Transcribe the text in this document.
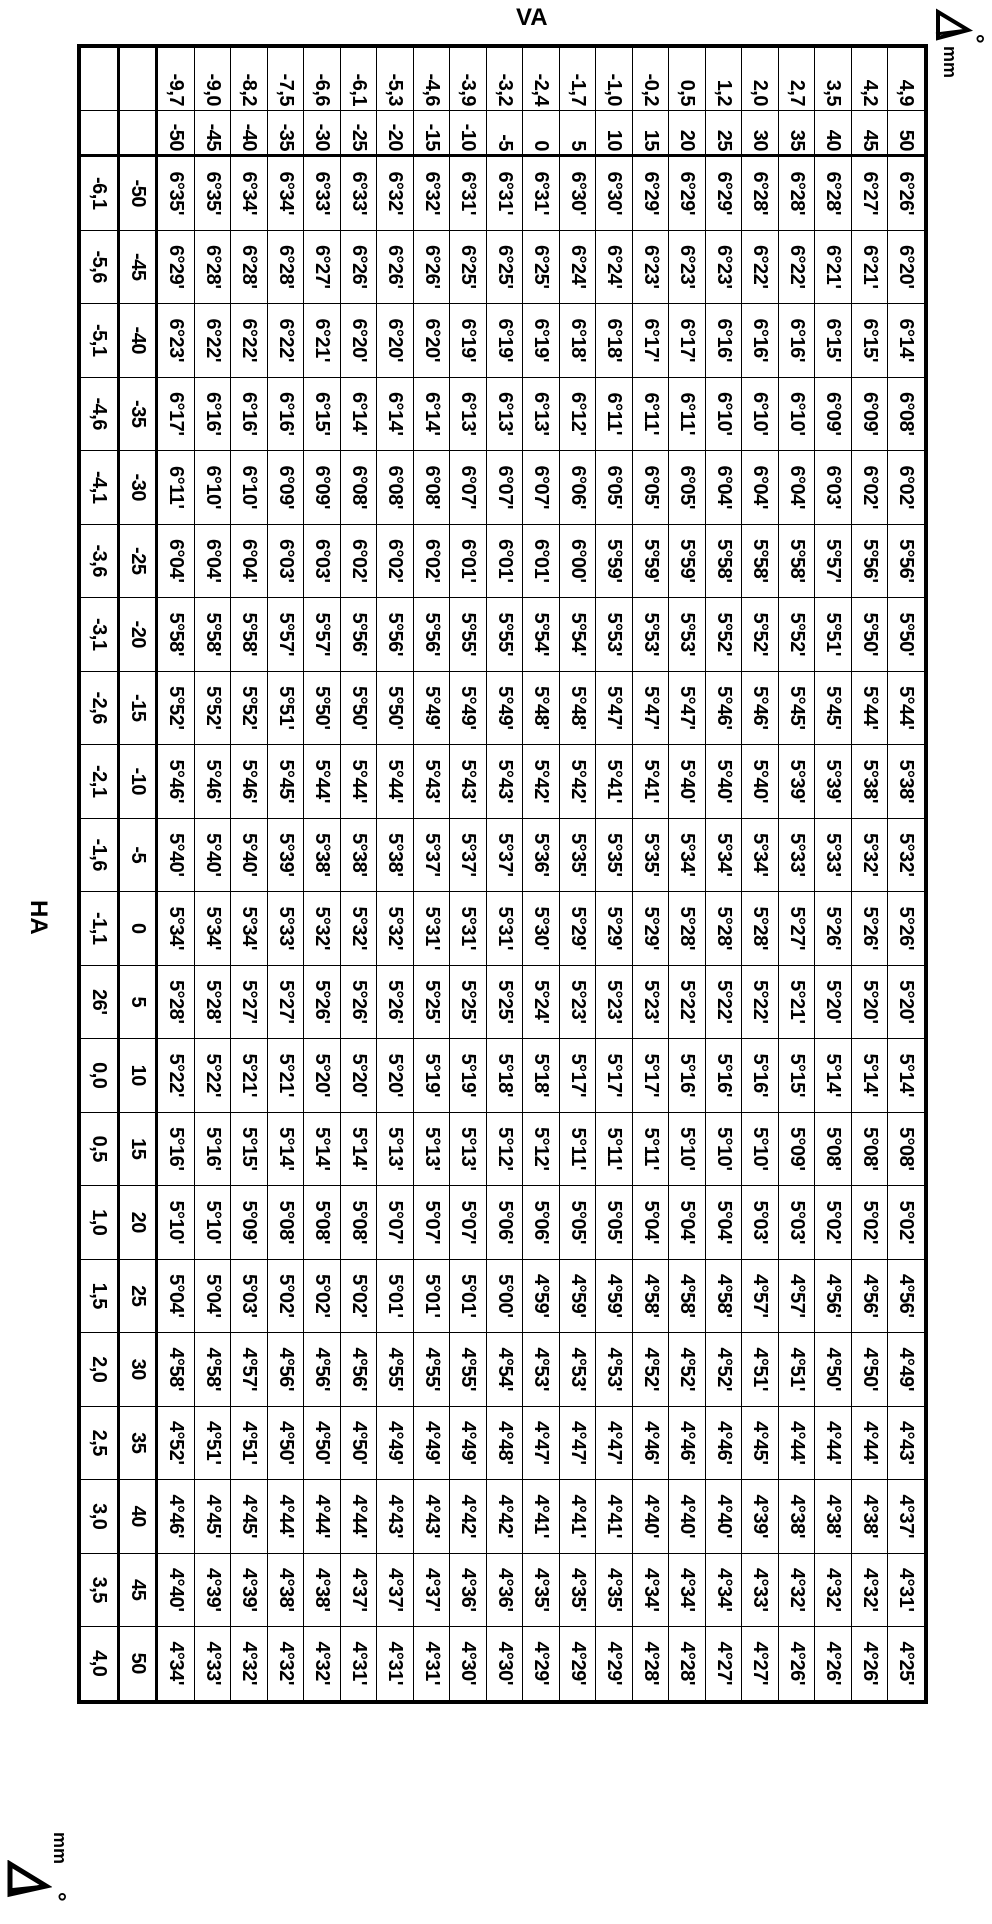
°
mm
VA
4,9	50	6°26'	6°20'	6°14'	6°08'	6°02'	5°56'	5°50'	5°44'	5°38'	5°32'	5°26'	5°20'	5°14'	5°08'	5°02'	4°56'	4°49'	4°43'	4°37'	4°31'	4°25'
4,2	45	6°27'	6°21'	6°15'	6°09'	6°02'	5°56'	5°50'	5°44'	5°38'	5°32'	5°26'	5°20'	5°14'	5°08'	5°02'	4°56'	4°50'	4°44'	4°38'	4°32'	4°26'
3,5	40	6°28'	6°21'	6°15'	6°09'	6°03'	5°57'	5°51'	5°45'	5°39'	5°33'	5°26'	5°20'	5°14'	5°08'	5°02'	4°56'	4°50'	4°44'	4°38'	4°32'	4°26'
2,7	35	6°28'	6°22'	6°16'	6°10'	6°04'	5°58'	5°52'	5°45'	5°39'	5°33'	5°27'	5°21'	5°15'	5°09'	5°03'	4°57'	4°51'	4°44'	4°38'	4°32'	4°26'
2,0	30	6°28'	6°22'	6°16'	6°10'	6°04'	5°58'	5°52'	5°46'	5°40'	5°34'	5°28'	5°22'	5°16'	5°10'	5°03'	4°57'	4°51'	4°45'	4°39'	4°33'	4°27'
1,2	25	6°29'	6°23'	6°16'	6°10'	6°04'	5°58'	5°52'	5°46'	5°40'	5°34'	5°28'	5°22'	5°16'	5°10'	5°04'	4°58'	4°52'	4°46'	4°40'	4°34'	4°27'
0,5	20	6°29'	6°23'	6°17'	6°11'	6°05'	5°59'	5°53'	5°47'	5°40'	5°34'	5°28'	5°22'	5°16'	5°10'	5°04'	4°58'	4°52'	4°46'	4°40'	4°34'	4°28'
-0,2	15	6°29'	6°23'	6°17'	6°11'	6°05'	5°59'	5°53'	5°47'	5°41'	5°35'	5°29'	5°23'	5°17'	5°11'	5°04'	4°58'	4°52'	4°46'	4°40'	4°34'	4°28'
-1,0	10	6°30'	6°24'	6°18'	6°11'	6°05'	5°59'	5°53'	5°47'	5°41'	5°35'	5°29'	5°23'	5°17'	5°11'	5°05'	4°59'	4°53'	4°47'	4°41'	4°35'	4°29'
-1,7	5	6°30'	6°24'	6°18'	6°12'	6°06'	6°00'	5°54'	5°48'	5°42'	5°35'	5°29'	5°23'	5°17'	5°11'	5°05'	4°59'	4°53'	4°47'	4°41'	4°35'	4°29'
-2,4	0	6°31'	6°25'	6°19'	6°13'	6°07'	6°01'	5°54'	5°48'	5°42'	5°36'	5°30'	5°24'	5°18'	5°12'	5°06'	4°59'	4°53'	4°47'	4°41'	4°35'	4°29'
-3,2	-5	6°31'	6°25'	6°19'	6°13'	6°07'	6°01'	5°55'	5°49'	5°43'	5°37'	5°31'	5°25'	5°18'	5°12'	5°06'	5°00'	4°54'	4°48'	4°42'	4°36'	4°30'
-3,9	-10	6°31'	6°25'	6°19'	6°13'	6°07'	6°01'	5°55'	5°49'	5°43'	5°37'	5°31'	5°25'	5°19'	5°13'	5°07'	5°01'	4°55'	4°49'	4°42'	4°36'	4°30'
-4,6	-15	6°32'	6°26'	6°20'	6°14'	6°08'	6°02'	5°56'	5°49'	5°43'	5°37'	5°31'	5°25'	5°19'	5°13'	5°07'	5°01'	4°55'	4°49'	4°43'	4°37'	4°31'
-5,3	-20	6°32'	6°26'	6°20'	6°14'	6°08'	6°02'	5°56'	5°50'	5°44'	5°38'	5°32'	5°26'	5°20'	5°13'	5°07'	5°01'	4°55'	4°49'	4°43'	4°37'	4°31'
-6,1	-25	6°33'	6°26'	6°20'	6°14'	6°08'	6°02'	5°56'	5°50'	5°44'	5°38'	5°32'	5°26'	5°20'	5°14'	5°08'	5°02'	4°56'	4°50'	4°44'	4°37'	4°31'
-6,6	-30	6°33'	6°27'	6°21'	6°15'	6°09'	6°03'	5°57'	5°50'	5°44'	5°38'	5°32'	5°26'	5°20'	5°14'	5°08'	5°02'	4°56'	4°50'	4°44'	4°38'	4°32'
-7,5	-35	6°34'	6°28'	6°22'	6°16'	6°09'	6°03'	5°57'	5°51'	5°45'	5°39'	5°33'	5°27'	5°21'	5°14'	5°08'	5°02'	4°56'	4°50'	4°44'	4°38'	4°32'
-8,2	-40	6°34'	6°28'	6°22'	6°16'	6°10'	6°04'	5°58'	5°52'	5°46'	5°40'	5°34'	5°27'	5°21'	5°15'	5°09'	5°03'	4°57'	4°51'	4°45'	4°39'	4°32'
-9,0	-45	6°35'	6°28'	6°22'	6°16'	6°10'	6°04'	5°58'	5°52'	5°46'	5°40'	5°34'	5°28'	5°22'	5°16'	5°10'	5°04'	4°58'	4°51'	4°45'	4°39'	4°33'
-9,7	-50	6°35'	6°29'	6°23'	6°17'	6°11'	6°04'	5°58'	5°52'	5°46'	5°40'	5°34'	5°28'	5°22'	5°16'	5°10'	5°04'	4°58'	4°52'	4°46'	4°40'	4°34'
		-50	-45	-40	-35	-30	-25	-20	-15	-10	-5	0	5	10	15	20	25	30	35	40	45	50
		-6,1	-5,6	-5,1	-4,6	-4,1	-3,6	-3,1	-2,6	-2,1	-1,6	-1,1	26'	0,0	0,5	1,0	1,5	2,0	2,5	3,0	3,5	4,0
mm
°
HA
